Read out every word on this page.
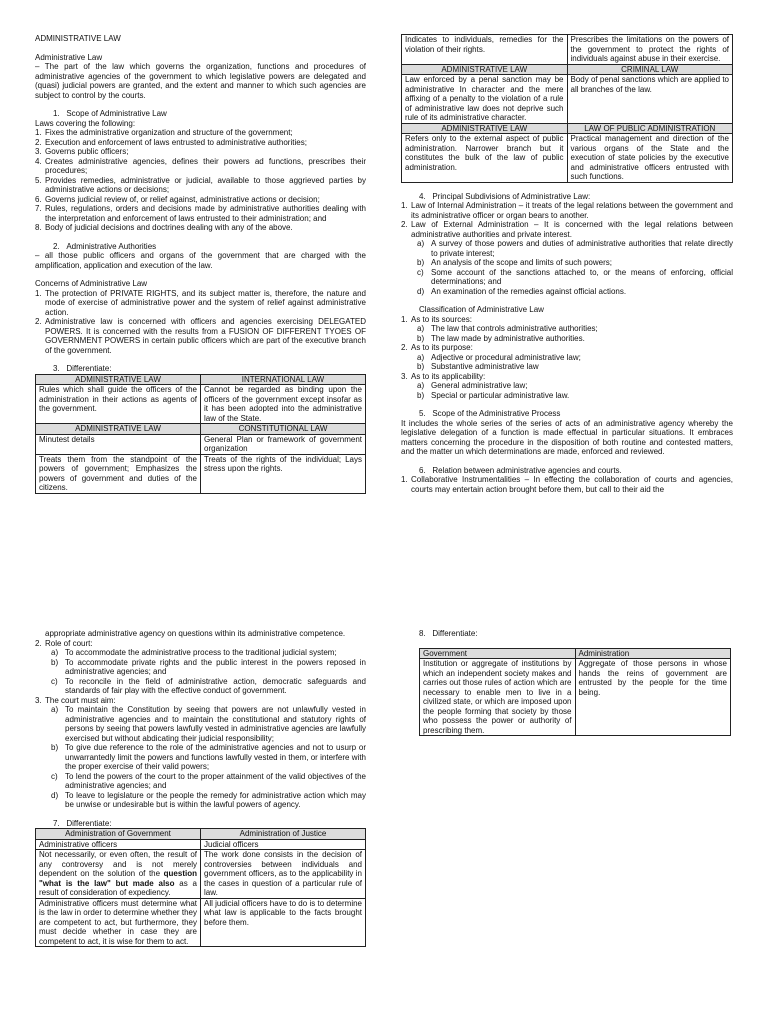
ADMINISTRATIVE LAW

Administrative Law

– The part of the law which governs the organization, functions and procedures of administrative agencies of the government to which legislative powers are delegated and (quasi) judicial powers are granted, and the extent and manner to which such agencies are subject to control by the courts.

1.   Scope of Administrative Law

Laws covering the following:

1. Fixes the administrative organization and structure of the government;
2. Execution and enforcement of laws entrusted to administrative authorities;
3. Governs public officers;
4. Creates administrative agencies, defines their powers ad functions, prescribes their procedures;
5. Provides remedies, administrative or judicial, available to those aggrieved parties by administrative actions or decisions;
6. Governs judicial review of, or relief against, administrative actions or decision;
7. Rules, regulations, orders and decisions made by administrative authorities dealing with the interpretation and enforcement of laws entrusted to their administration; and
8. Body of judicial decisions and doctrines dealing with any of the above.

2.   Administrative Authorities

– all those public officers and organs of the government that are charged with the amplification, application and execution of the law.

Concerns of Administrative Law

1. The protection of PRIVATE RIGHTS, and its subject matter is, therefore, the nature and mode of exercise of administrative power and the system of relief against administrative action.
2. Administrative law is concerned with officers and agencies exercising DELEGATED POWERS. It is concerned with the results from a FUSION OF DIFFERENT TYOES OF GOVERNMENT POWERS in certain public officers which are part of the executive branch of the government.

3.   Differentiate:

ADMINISTRATIVE LAW	INTERNATIONAL LAW
Rules which shall guide the officers of the administration in their actions as agents of the government.	Cannot be regarded as binding upon the officers of the government except insofar as it has been adopted into the administrative law of the State.
ADMINISTRATIVE LAW	CONSTITUTIONAL LAW
Minutest details	General Plan or framework of government organization
Treats them from the standpoint of the powers of government; Emphasizes the powers of government and duties of the citizens.	Treats of the rights of the individual; Lays stress upon the rights.
Indicates to individuals, remedies for the violation of their rights.	Prescribes the limitations on the powers of the government to protect the rights of individuals against abuse in their exercise.
ADMINISTRATIVE LAW	CRIMINAL LAW
Law enforced by a penal sanction may be administrative In character and the mere affixing of a penalty to the violation of a rule of administrative law does not deprive such rule of its administrative character.	Body of penal sanctions which are applied to all branches of the law.
ADMINISTRATIVE LAW	LAW OF PUBLIC ADMINISTRATION
Refers only to the external aspect of public administration. Narrower branch but it constitutes the bulk of the law of public administration.	Practical management and direction of the various organs of the State and the execution of state policies by the executive and administrative officers entrusted with such functions.

4.   Principal Subdivisions of Administrative Law:

1. Law of Internal Administration – it treats of the legal relations between the government and its administrative officer or organ bears to another.
2. Law of External Administration – It is concerned with the legal relations between administrative authorities and private interest.
a) A survey of those powers and duties of administrative authorities that relate directly to private interest;
b) An analysis of the scope and limits of such powers;
c) Some account of the sanctions attached to, or the means of enforcing, official determinations; and
d) An examination of the remedies against official actions.

Classification of Administrative Law

1. As to its sources:
a) The law that controls administrative authorities;
b) The law made by administrative authorities.
2. As to its purpose:
a) Adjective or procedural administrative law;
b) Substantive administrative law
3. As to its applicability:
a) General administrative law;
b) Special or particular administrative law.

5.   Scope of the Administrative Process

It includes the whole series of the series of acts of an administrative agency whereby the legislative delegation of a function is made effectual in particular situations. It embraces matters concerning the procedure in the disposition of both routine and contested matters, and the matter un which determinations are made, enforced and reviewed.

6.   Relation between administrative agencies and courts.

1. Collaborative Instrumentalities – In effecting the collaboration of courts and agencies, courts may entertain action brought before them, but call to their aid the

appropriate administrative agency on questions within its administrative competence.

2. Role of court:
a) To accommodate the administrative process to the traditional judicial system;
b) To accommodate private rights and the public interest in the powers reposed in administrative agencies; and
c) To reconcile in the field of administrative action, democratic safeguards and standards of fair play with the effective conduct of government.
3. The court must aim:
a) To maintain the Constitution by seeing that powers are not unlawfully vested in administrative agencies and to maintain the constitutional and statutory rights of persons by seeing that powers lawfully vested in administrative agencies are lawfully exercised but without abdicating their judicial responsibility;
b) To give due reference to the role of the administrative agencies and not to usurp or unwarrantedly limit the powers and functions lawfully vested in them, or interfere with the proper exercise of their valid powers;
c) To lend the powers of the court to the proper attainment of the valid objectives of the administrative agencies; and
d) To leave to legislature or the people the remedy for administrative action which may be unwise or undesirable but is within the lawful powers of agency.

7.   Differentiate:

Administration of Government	Administration of Justice
Administrative officers	Judicial officers
Not necessarily, or even often, the result of any controversy and is not merely dependent on the solution of the question "what is the law" but made also as a result of consideration of expediency.	The work done consists in the decision of controversies between individuals and government officers, as to the applicability in the cases in question of a particular rule of law.
Administrative officers must determine what is the law in order to determine whether they are competent to act, but furthermore, they must decide whether in case they are competent to act, it is wise for them to act.	All judicial officers have to do is to determine what law is applicable to the facts brought before them.

8.   Differentiate:

Government	Administration
Institution or aggregate of institutions by which an independent society makes and carries out those rules of action which are necessary to enable men to live in a civilized state, or which are imposed upon the people forming that society by those who possess the power or authority of prescribing them.	Aggregate of those persons in whose hands the reins of government are entrusted by the people for the time being.
